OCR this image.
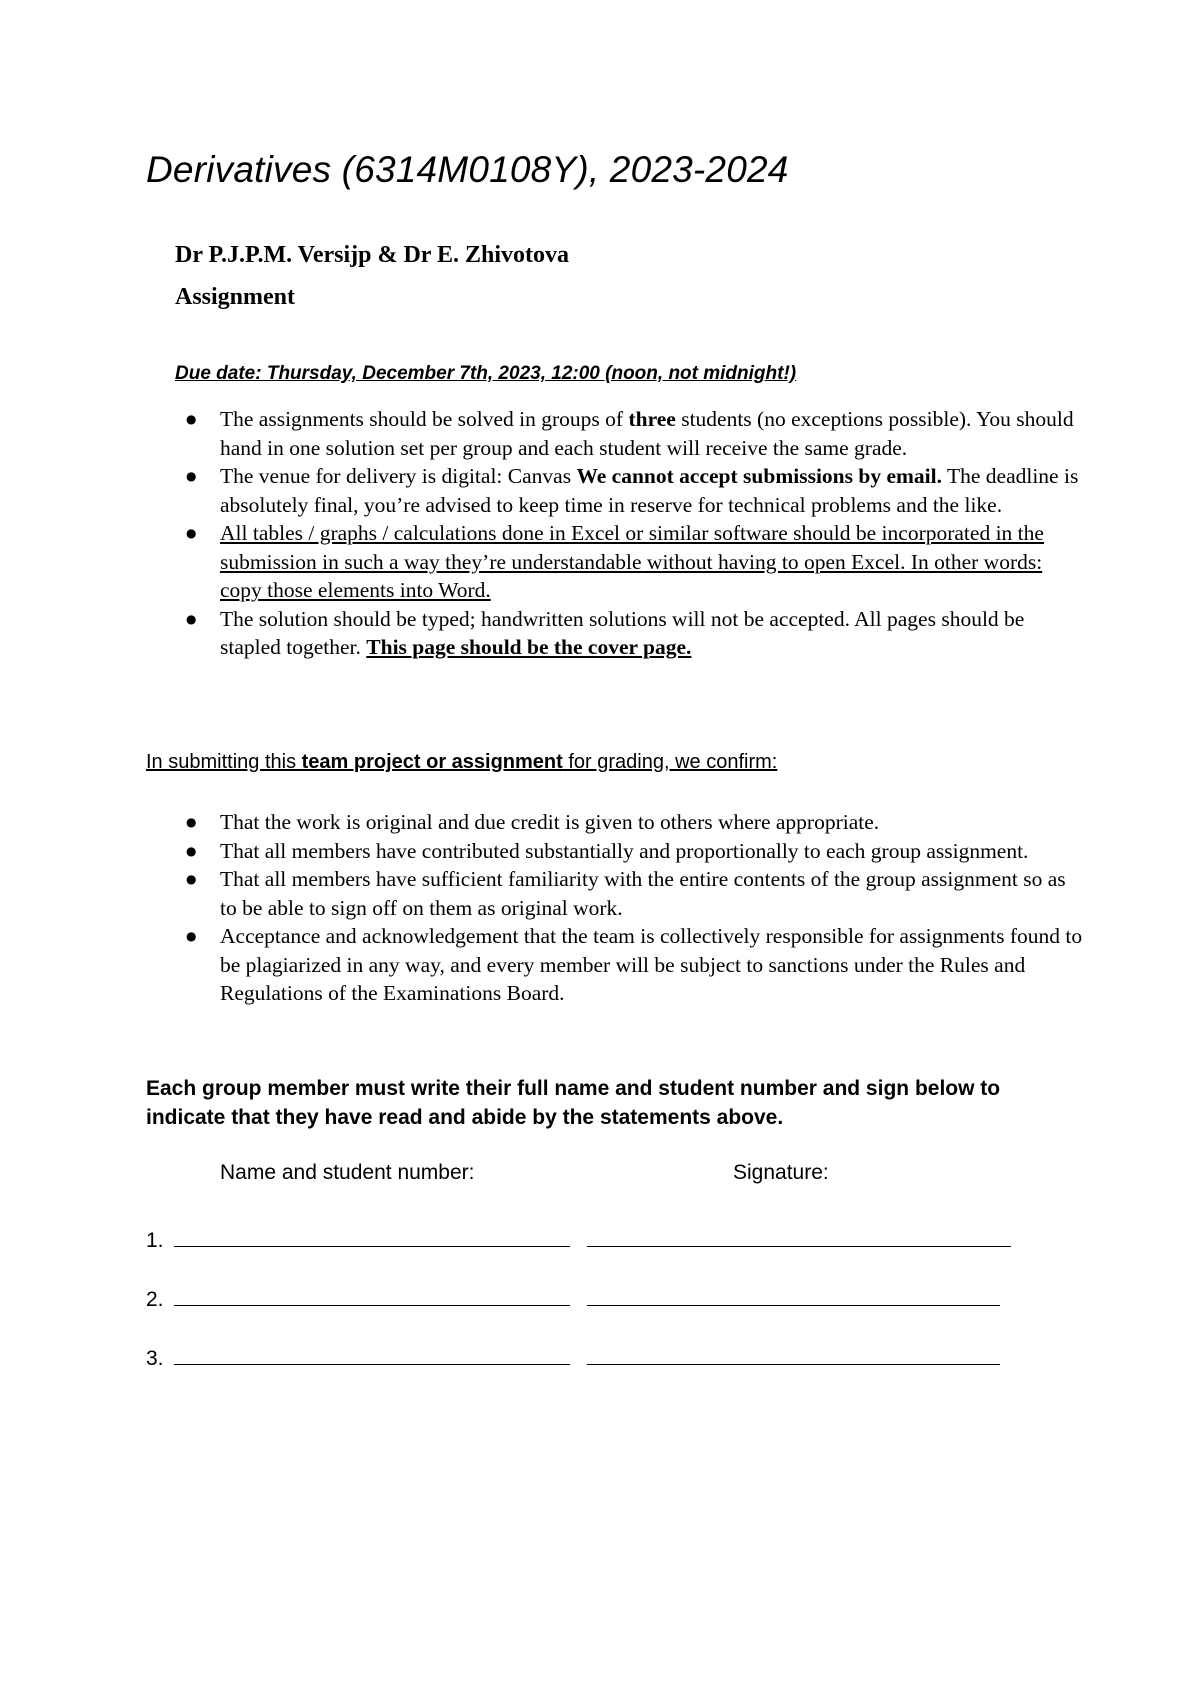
Derivatives (6314M0108Y), 2023-2024
Dr P.J.P.M. Versijp & Dr E. Zhivotova
Assignment
Due date: Thursday, December 7th, 2023, 12:00 (noon, not midnight!)
● The assignments should be solved in groups of three students (no exceptions possible). You should hand in one solution set per group and each student will receive the same grade.
● The venue for delivery is digital: Canvas We cannot accept submissions by email. The deadline is absolutely final, you’re advised to keep time in reserve for technical problems and the like.
● All tables / graphs / calculations done in Excel or similar software should be incorporated in the submission in such a way they’re understandable without having to open Excel. In other words: copy those elements into Word.
● The solution should be typed; handwritten solutions will not be accepted. All pages should be stapled together. This page should be the cover page.
In submitting this team project or assignment for grading, we confirm:
● That the work is original and due credit is given to others where appropriate.
● That all members have contributed substantially and proportionally to each group assignment.
● That all members have sufficient familiarity with the entire contents of the group assignment so as to be able to sign off on them as original work.
● Acceptance and acknowledgement that the team is collectively responsible for assignments found to be plagiarized in any way, and every member will be subject to sanctions under the Rules and Regulations of the Examinations Board.
Each group member must write their full name and student number and sign below to indicate that they have read and abide by the statements above.
Name and student number:	Signature:
1.
2.
3.
